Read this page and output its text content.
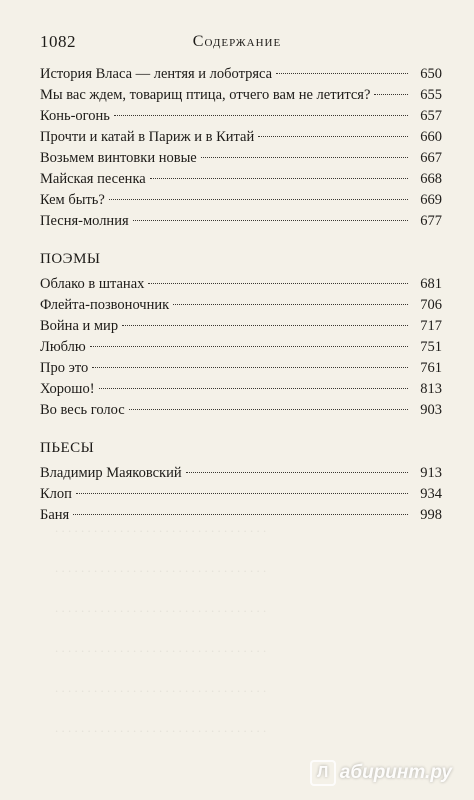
. . . . . . . . . . . . . . . . . . . . . . . . . . . . . . . . .
. . . . . . . . . . . . . . . . . . . . . . . . . . . . . . . . .
. . . . . . . . . . . . . . . . . . . . . . . . . . . . . . . . .
. . . . . . . . . . . . . . . . . . . . . . . . . . . . . . . . .
. . . . . . . . . . . . . . . . . . . . . . . . . . . . . . . . .
. . . . . . . . . . . . . . . . . . . . . . . . . . . . . . . . .
1082	Содержание
История Власа — лентяя и лоботряса	650
Мы вас ждем, товарищ птица, отчего вам не летится?	655
Конь-огонь	657
Прочти и катай в Париж и в Китай	660
Возьмем винтовки новые	667
Майская песенка	668
Кем быть?	669
Песня-молния	677
ПОЭМЫ
Облако в штанах	681
Флейта-позвоночник	706
Война и мир	717
Люблю	751
Про это	761
Хорошо!	813
Во весь голос	903
ПЬЕСЫ
Владимир Маяковский	913
Клоп	934
Баня	998
Л абиринт.ру
